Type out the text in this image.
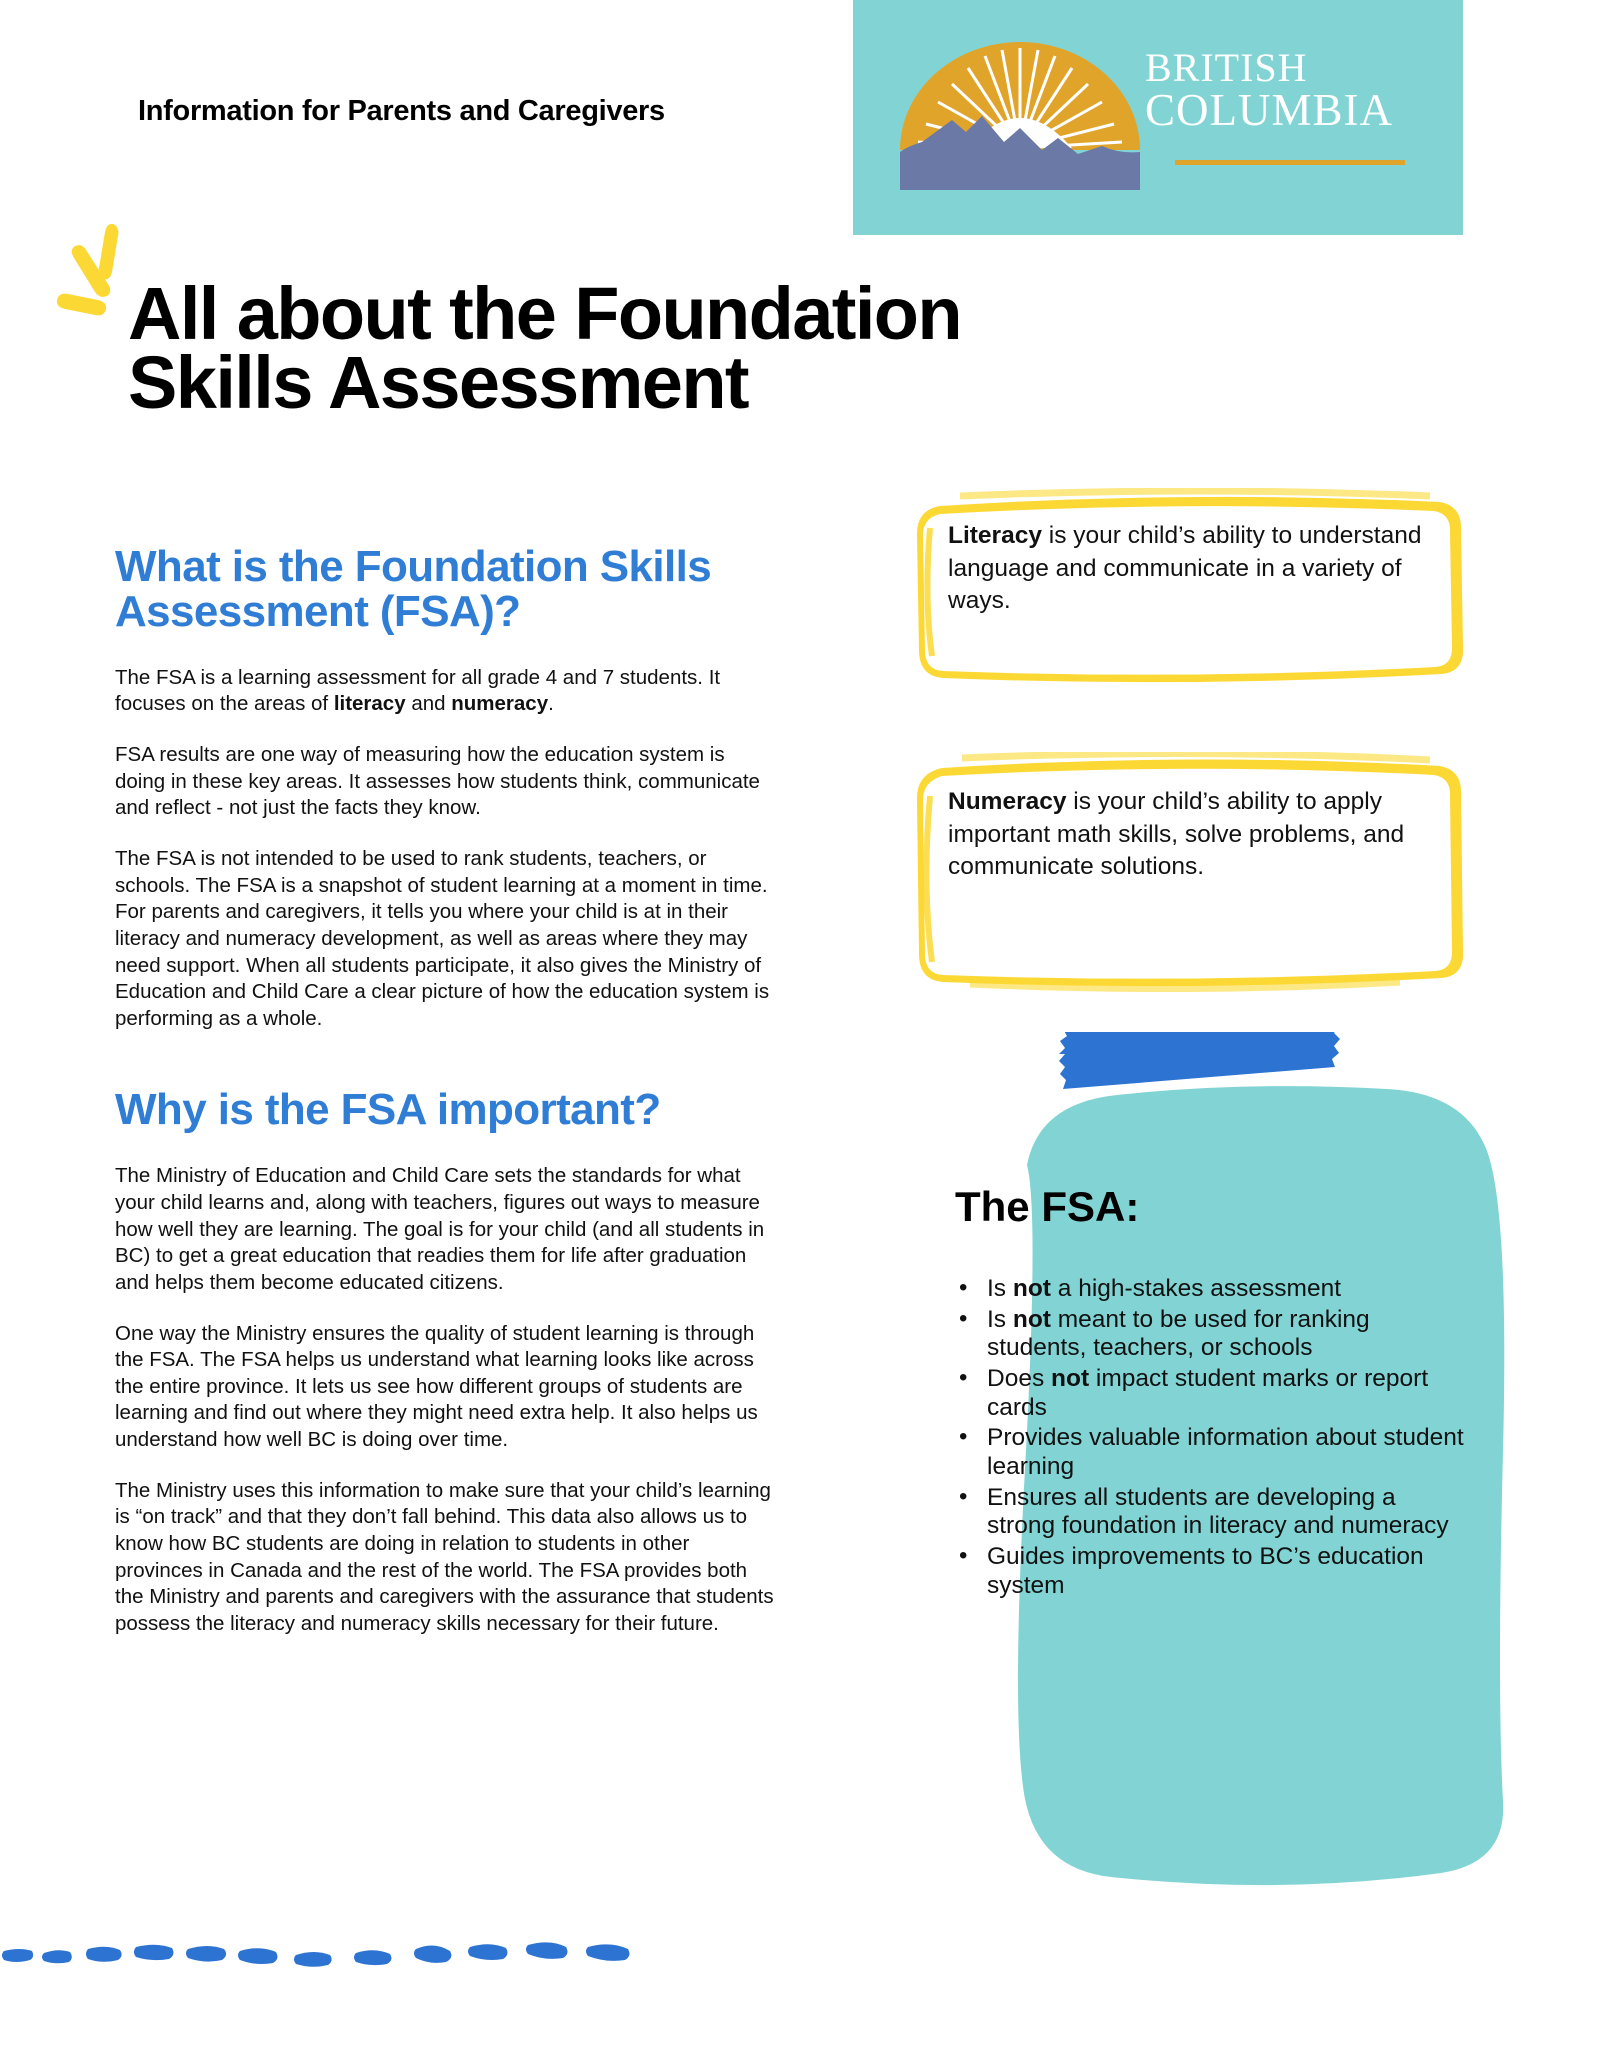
Information for Parents and Caregivers
BRITISH
COLUMBIA
All about the Foundation Skills Assessment
What is the Foundation Skills Assessment (FSA)?

The FSA is a learning assessment for all grade 4 and 7 students. It focuses on the areas of literacy and numeracy.

FSA results are one way of measuring how the education system is doing in these key areas. It assesses how students think, communicate and reflect - not just the facts they know.

The FSA is not intended to be used to rank students, teachers, or schools. The FSA is a snapshot of student learning at a moment in time. For parents and caregivers, it tells you where your child is at in their literacy and numeracy development, as well as areas where they may need support. When all students participate, it also gives the Ministry of Education and Child Care a clear picture of how the education system is performing as a whole.

Why is the FSA important?

The Ministry of Education and Child Care sets the standards for what your child learns and, along with teachers, figures out ways to measure how well they are learning. The goal is for your child (and all students in BC) to get a great education that readies them for life after graduation and helps them become educated citizens.

One way the Ministry ensures the quality of student learning is through the FSA. The FSA helps us understand what learning looks like across the entire province. It lets us see how different groups of students are learning and find out where they might need extra help. It also helps us understand how well BC is doing over time.

The Ministry uses this information to make sure that your child’s learning is “on track” and that they don’t fall behind. This data also allows us to know how BC students are doing in relation to students in other provinces in Canada and the rest of the world. The FSA provides both the Ministry and parents and caregivers with the assurance that students possess the literacy and numeracy skills necessary for their future.

Literacy is your child’s ability to understand language and communicate in a variety of ways.
Numeracy is your child’s ability to apply important math skills, solve problems, and communicate solutions.
The FSA:
• Is not a high-stakes assessment
• Is not meant to be used for ranking students, teachers, or schools
• Does not impact student marks or report cards
• Provides valuable information about student learning
• Ensures all students are developing a strong foundation in literacy and numeracy
• Guides improvements to BC’s education system
